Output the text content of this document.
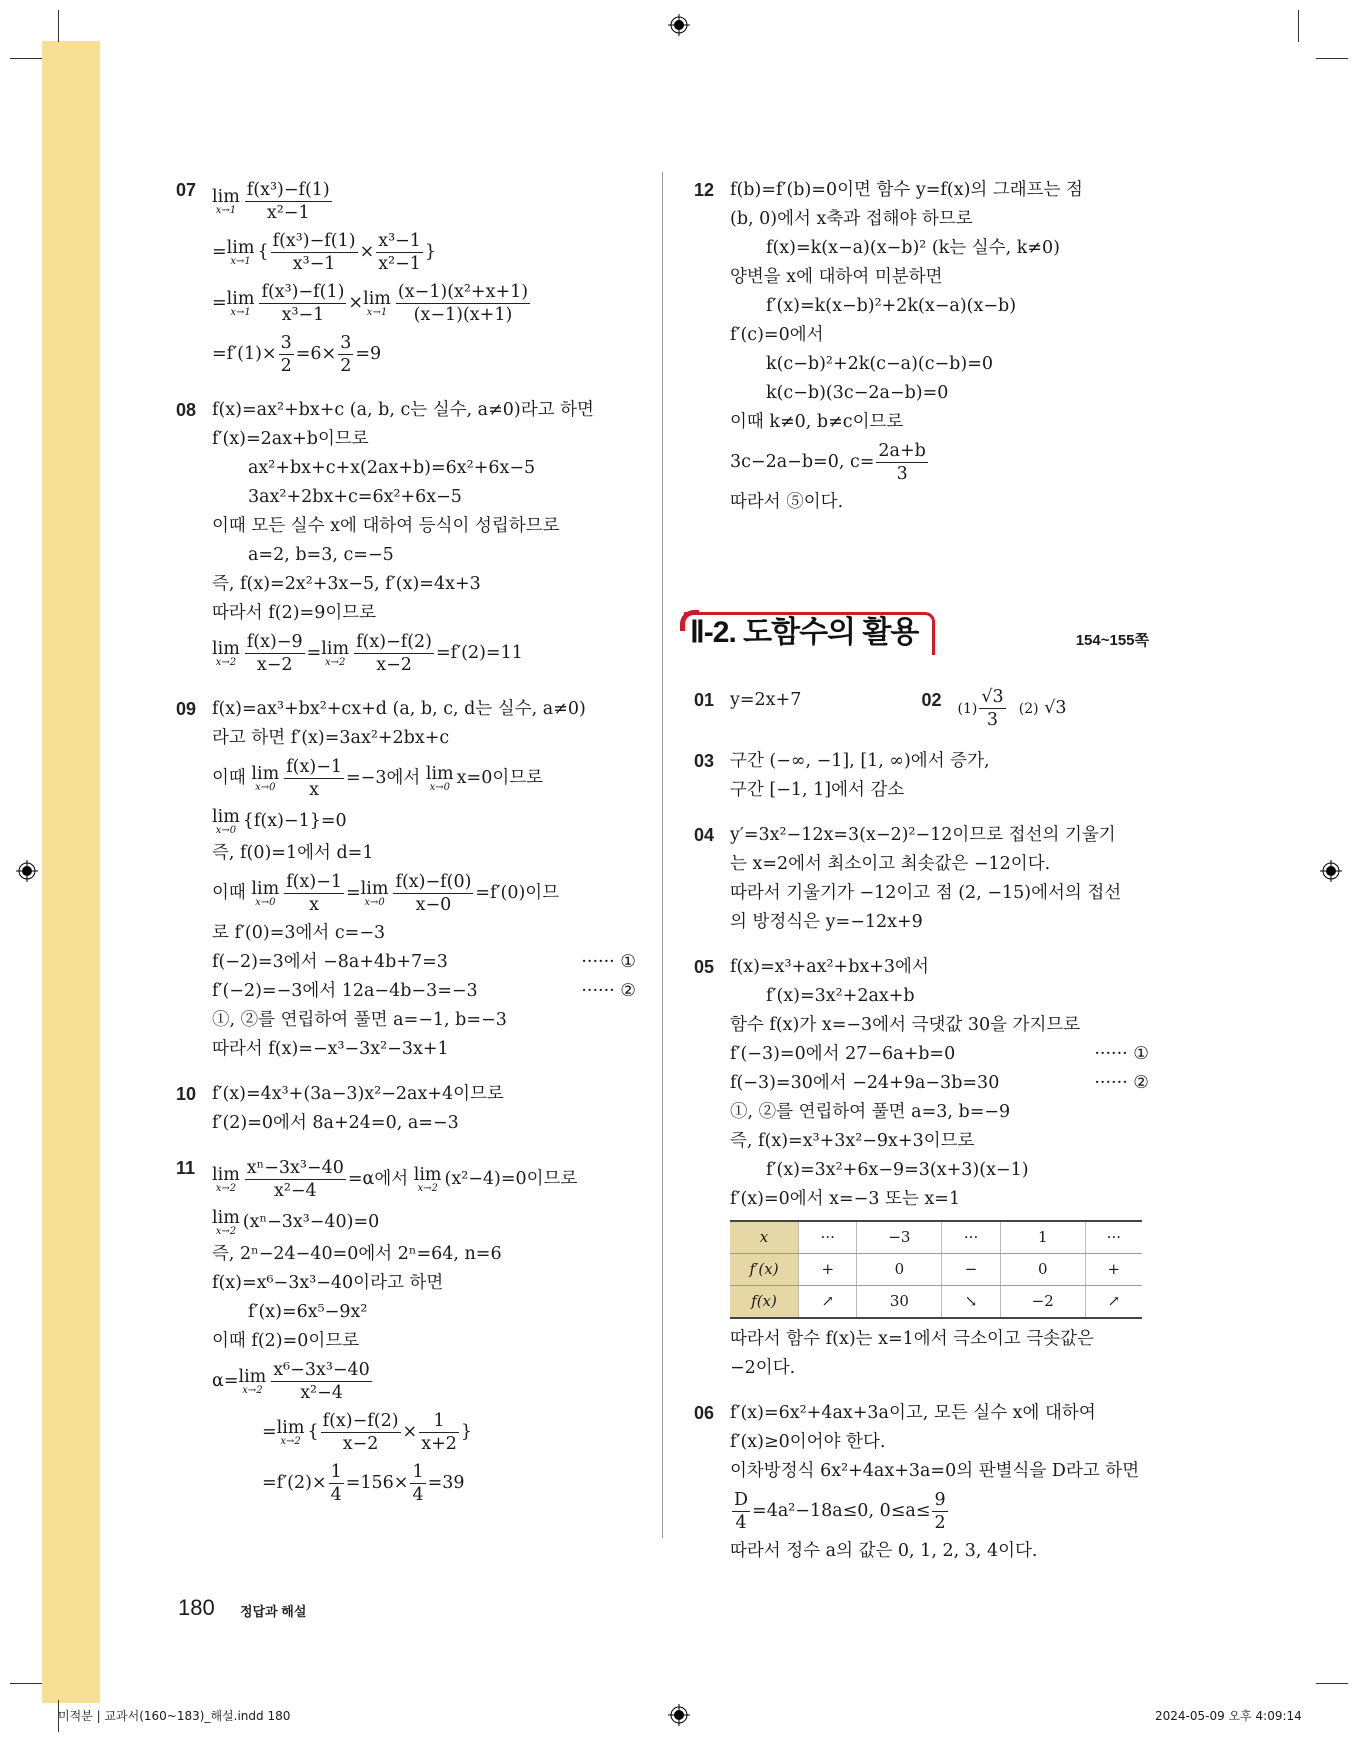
07 lim
$x\to 1 \frac{\text{f(x³)−f(1)}}{\text{x²−1}}$
= lim
x→1 { $\frac{\text{f(x³)−f(1)}}{\text{x³−1}} \times \frac{\text{x³−1}}{\text{x²−1}}$ }
= lim
$x\to 1 \frac{\text{f(x³)−f(1)}}{\text{x³−1}} \times \lim$
$x\to 1 \frac{\text{(x−1)(x²+x+1)}}{(x-1)(x+1)}$
$=f'(1)\times \frac{3}{2} =6\times \frac{3}{2} =9$
08 f(x)=ax²+bx+c (a, b, c는 실수, a≠0)라고 하면
f′(x)=2ax+b이므로
ax²+bx+c+x(2ax+b)=6x²+6x−5
3ax²+2bx+c=6x²+6x−5
이때 모든 실수 x에 대하여 등식이 성립하므로
a=2, b=3, c=−5
즉, f(x)=2x²+3x−5, f′(x)=4x+3
따라서 f(2)=9이므로
lim
$x\to 2 \frac{f(x)-9}{x-2} = \lim$
$x\to 2 \frac{f(x)-f(2)}{x-2} =f'(2)=11$
09 f(x)=ax³+bx²+cx+d (a, b, c, d는 실수, a≠0)
라고 하면 f′(x)=3ax²+2bx+c
이때 lim
$x\to 0 \frac{f(x)-1}{x} =-3$에서 lim
x→0 x=0이므로
lim
x→0 {f(x)−1}=0
즉, f(0)=1에서 d=1
이때 lim
$x\to 0 \frac{f(x)-1}{x} = \lim$
$x\to 0 \frac{f(x)-f(0)}{x-0} =f'(0)$이므
로 f′(0)=3에서 c=−3
f(−2)=3에서 −8a+4b+7=3	······ ①
f′(−2)=−3에서 12a−4b−3=−3	······ ②
①, ②를 연립하여 풀면 a=−1, b=−3
따라서 f(x)=−x³−3x²−3x+1
10 f′(x)=4x³+(3a−3)x²−2ax+4이므로
f′(2)=0에서 8a+24=0, a=−3
11 lim
$x\to 2 \frac{\text{xⁿ−3x³−40}}{\text{x²−4}} =\alpha$에서 lim
x→2 (x²−4)=0이므로
lim
x→2 (xⁿ−3x³−40)=0
즉, 2ⁿ−24−40=0에서 2ⁿ=64, n=6
f(x)=x⁶−3x³−40이라고 하면
f′(x)=6x⁵−9x²
이때 f(2)=0이므로
α= lim
$x\to 2 \frac{\text{x⁶−3x³−40}}{\text{x²−4}}$
= lim
x→2 { $\frac{f(x)-f(2)}{x-2} \times \frac{1}{x+2}$ }
$=f'(2)\times \frac{1}{4} =156\times \frac{1}{4} =39$
12 f(b)=f′(b)=0이면 함수 y=f(x)의 그래프는 점
(b, 0)에서 x축과 접해야 하므로
f(x)=k(x−a)(x−b)² (k는 실수, k≠0)
양변을 x에 대하여 미분하면
f′(x)=k(x−b)²+2k(x−a)(x−b)
f′(c)=0에서
k(c−b)²+2k(c−a)(c−b)=0
k(c−b)(3c−2a−b)=0
이때 k≠0, b≠c이므로
3c−2a−b=0, $c= \frac{2a+b}{3}$
따라서 ⑤이다.
Ⅱ-2. 도함수의 활용	154~155쪽
01 y=2x+7	02 $(1) \frac{√3}{3} (2)$ √3
03 구간 (−∞, −1], [1, ∞)에서 증가,
구간 [−1, 1]에서 감소
04 y′=3x²−12x=3(x−2)²−12이므로 접선의 기울기
는 x=2에서 최소이고 최솟값은 −12이다.
따라서 기울기가 −12이고 점 (2, −15)에서의 접선
의 방정식은 y=−12x+9
05 f(x)=x³+ax²+bx+3에서
f′(x)=3x²+2ax+b
함수 f(x)가 x=−3에서 극댓값 30을 가지므로
f′(−3)=0에서 27−6a+b=0	······ ①
f(−3)=30에서 −24+9a−3b=30	······ ②
①, ②를 연립하여 풀면 a=3, b=−9
즉, f(x)=x³+3x²−9x+3이므로
f′(x)=3x²+6x−9=3(x+3)(x−1)
f′(x)=0에서 x=−3 또는 x=1
x	···	−3	···	1	···
f′(x)	+	0	−	0	+
f(x)	↗	30	↘	−2	↗
따라서 함수 f(x)는 x=1에서 극소이고 극솟값은
−2이다.
06 f′(x)=6x²+4ax+3a이고, 모든 실수 x에 대하여
f′(x)≥0이어야 한다.
이차방정식 6x²+4ax+3a=0의 판별식을 D라고 하면
$\frac{D}{4} =4a^2-18a\le 0$, $0\le a\le \frac{9}{2}$
따라서 정수 a의 값은 0, 1, 2, 3, 4이다.
180 정답과 해설
미적분 | 교과서(160~183)_해설.indd 180	2024-05-09 오후 4:09:14
